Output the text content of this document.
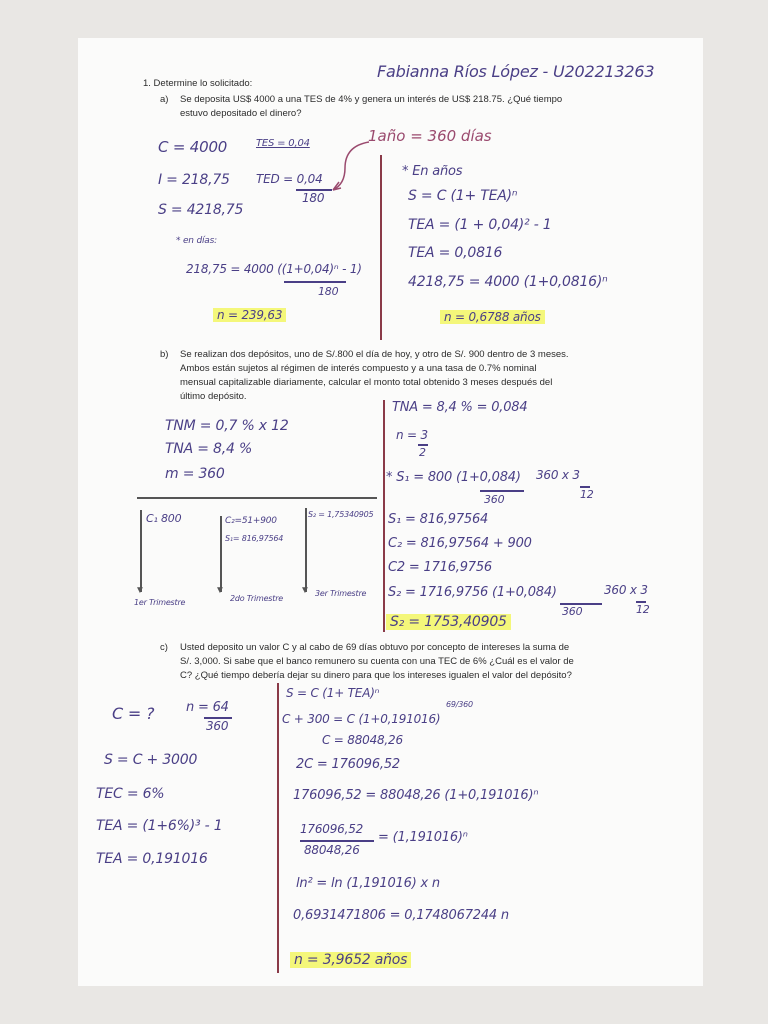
Fabianna Ríos López - U202213263
1. Determine lo solicitado:
a) Se deposita US$ 4000 a una TES de 4% y genera un interés de US$ 218.75. ¿Qué tiempo
estuvo depositado el dinero?
1año = 360 días
TES = 0,04
C = 4000
I = 218,75 TED = 0,04
180
S = 4218,75
* en días:
218,75 = 4000 ((1+0,04)ⁿ - 1)
180
n = 239,63
* En años
S = C (1+ TEA)ⁿ
TEA = (1 + 0,04)² - 1
TEA = 0,0816
4218,75 = 4000 (1+0,0816)ⁿ
n = 0,6788 años
b) Se realizan dos depósitos, uno de S/.800 el día de hoy, y otro de S/. 900 dentro de 3 meses.
Ambos están sujetos al régimen de interés compuesto y a una tasa de 0.7% nominal
mensual capitalizable diariamente, calcular el monto total obtenido 3 meses después del
último depósito.
TNM = 0,7 % x 12
TNA = 8,4 %
m = 360
TNA = 8,4 % = 0,084
n = 3
2
* S₁ = 800 (1+0,084)
360
360 x 3
12
▼	▼	▼
C₁ 800	C₂=51+900
S₁= 816,97564
S₂ = 1,75340905
1er Trimestre	2do Trimestre
3er Trimestre
S₁ = 816,97564
C₂ = 816,97564 + 900
C2 = 1716,9756
S₂ = 1716,9756 (1+0,084)
360
360 x 3
12
S₂ = 1753,40905
c) Usted deposito un valor C y al cabo de 69 días obtuvo por concepto de intereses la suma de
S/. 3,000. Si sabe que el banco remunero su cuenta con una TEC de 6% ¿Cuál es el valor de
C? ¿Qué tiempo debería dejar su dinero para que los intereses igualen el valor del depósito?
C = ? n = 64
360
S = C + 3000
TEC = 6%
TEA = (1+6%)³ - 1
TEA = 0,191016
S = C (1+ TEA)ⁿ
C + 300 = C (1+0,191016)
69/360
C = 88048,26
2C = 176096,52
176096,52 = 88048,26 (1+0,191016)ⁿ
176096,52
88048,26
= (1,191016)ⁿ
ln² = ln (1,191016) x n
0,6931471806 = 0,1748067244 n
n = 3,9652 años
